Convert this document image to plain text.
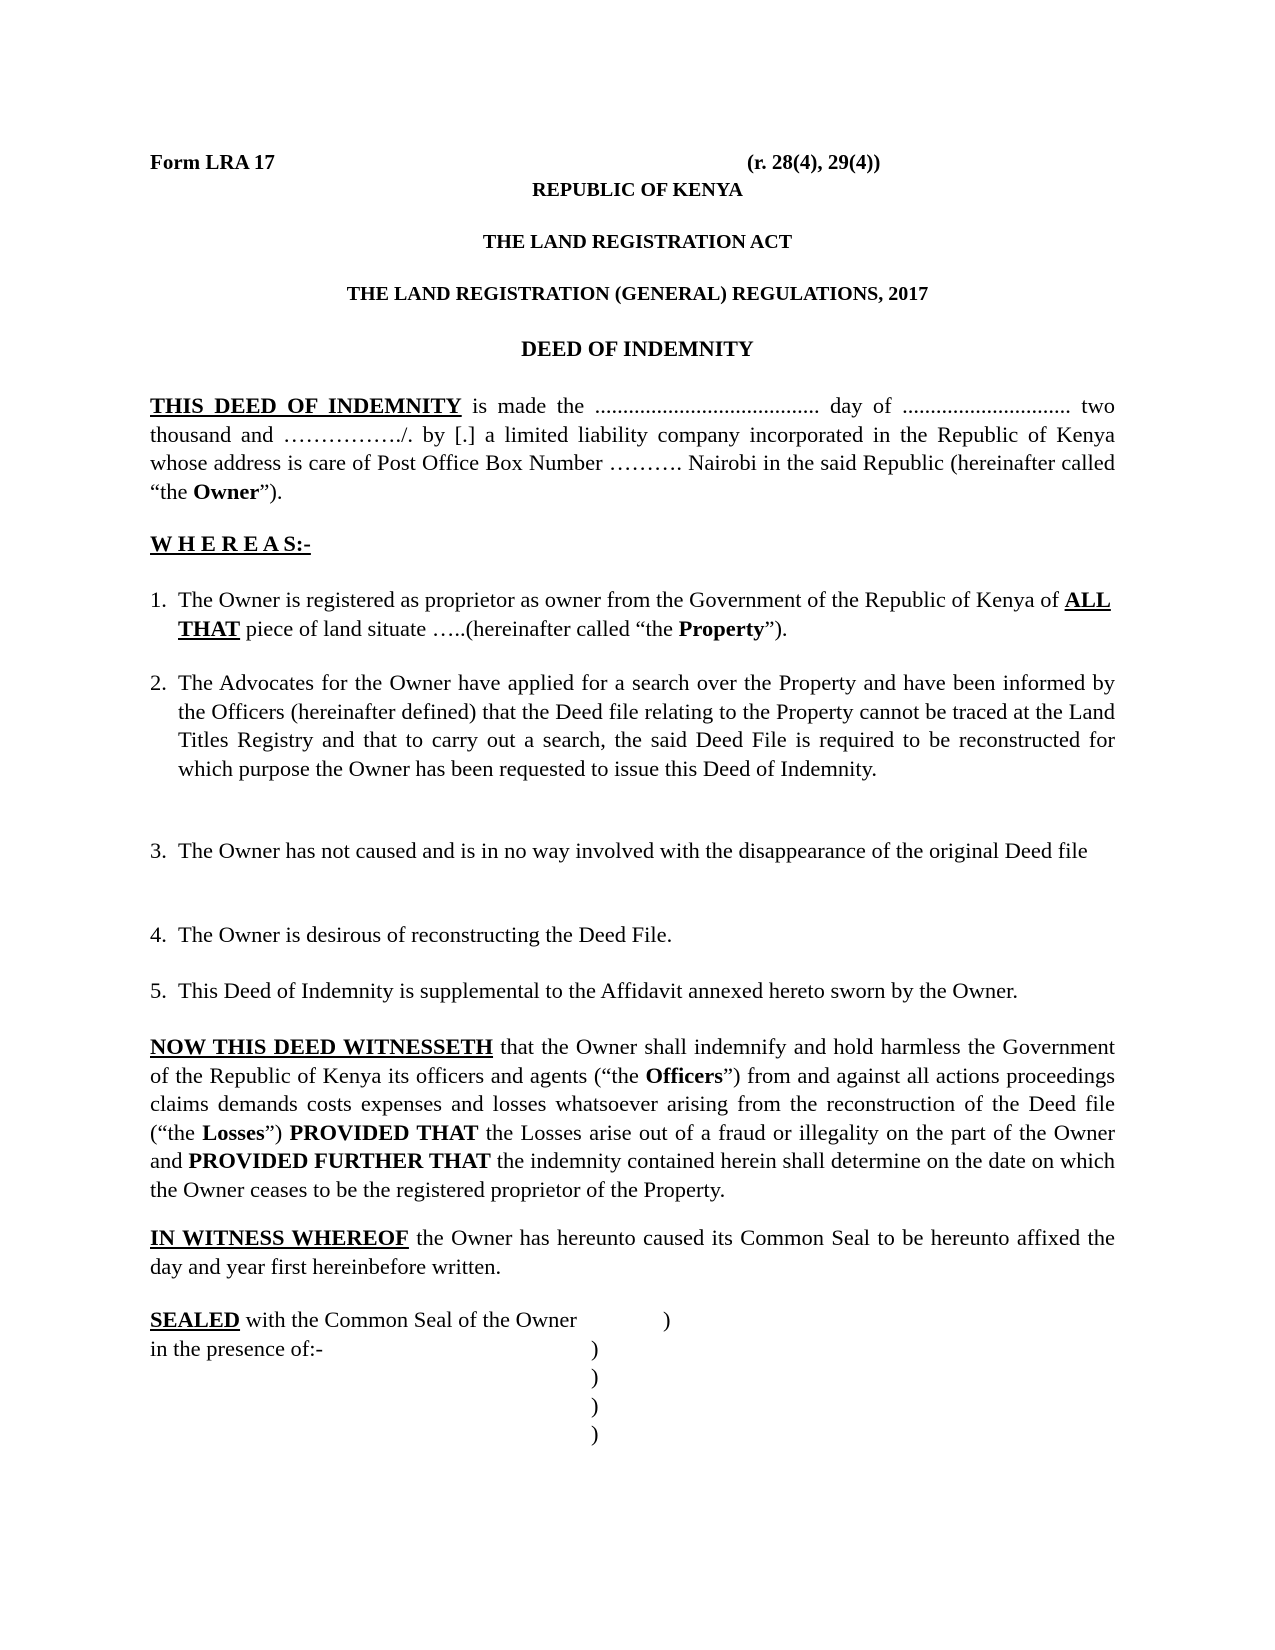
Form LRA 17	(r. 28(4), 29(4))
REPUBLIC OF KENYA
THE LAND REGISTRATION ACT
THE LAND REGISTRATION (GENERAL) REGULATIONS, 2017
DEED OF INDEMNITY
THIS DEED OF INDEMNITY is made the ........................................ day of .............................. two thousand and ……………./. by [.] a limited liability company incorporated in the Republic of Kenya whose address is care of Post Office Box Number ………. Nairobi in the said Republic (hereinafter called “the Owner”).
W H E R E A S:-
1. The Owner is registered as proprietor as owner from the Government of the Republic of Kenya of ALL THAT piece of land situate …..(hereinafter called “the Property”).
2. The Advocates for the Owner have applied for a search over the Property and have been informed by the Officers (hereinafter defined) that the Deed file relating to the Property cannot be traced at the Land Titles Registry and that to carry out a search, the said Deed File is required to be reconstructed for which purpose the Owner has been requested to issue this Deed of Indemnity.
3. The Owner has not caused and is in no way involved with the disappearance of the original Deed file
4. The Owner is desirous of reconstructing the Deed File.
5. This Deed of Indemnity is supplemental to the Affidavit annexed hereto sworn by the Owner.
NOW THIS DEED WITNESSETH that the Owner shall indemnify and hold harmless the Government of the Republic of Kenya its officers and agents (“the Officers”) from and against all actions proceedings claims demands costs expenses and losses whatsoever arising from the reconstruction of the Deed file (“the Losses”) PROVIDED THAT the Losses arise out of a fraud or illegality on the part of the Owner and PROVIDED FURTHER THAT the indemnity contained herein shall determine on the date on which the Owner ceases to be the registered proprietor of the Property.
IN WITNESS WHEREOF the Owner has hereunto caused its Common Seal to be hereunto affixed the day and year first hereinbefore written.
SEALED with the Common Seal of the Owner
in the presence of:-
)
)
)
)
)
